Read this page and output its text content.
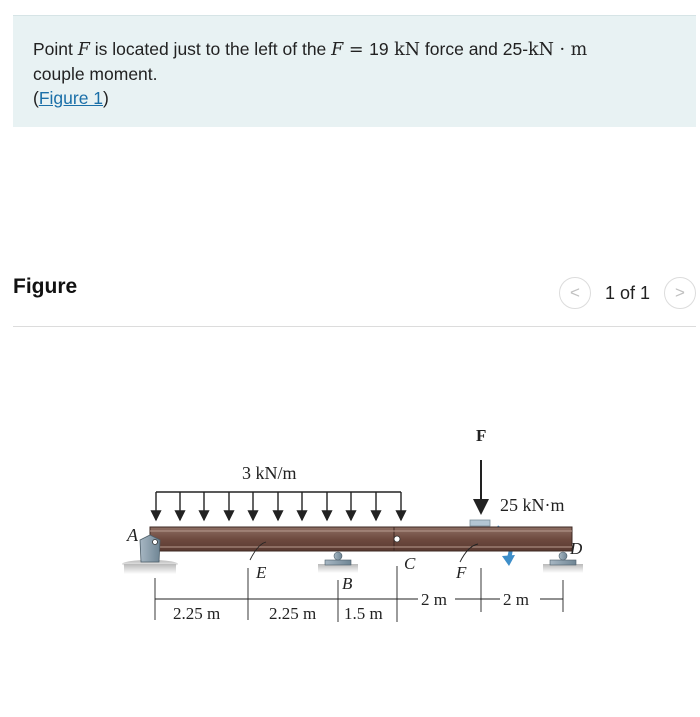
Point F is located just to the left of the F = 19 kN force and 25-kN · m
couple moment.
(Figure 1)
Figure	<	1 of 1	>
3 kN/m
F
25 kN·m
A
B
D
E	C F
2.25 m	2.25 m 1.5 m
2 m	2 m
